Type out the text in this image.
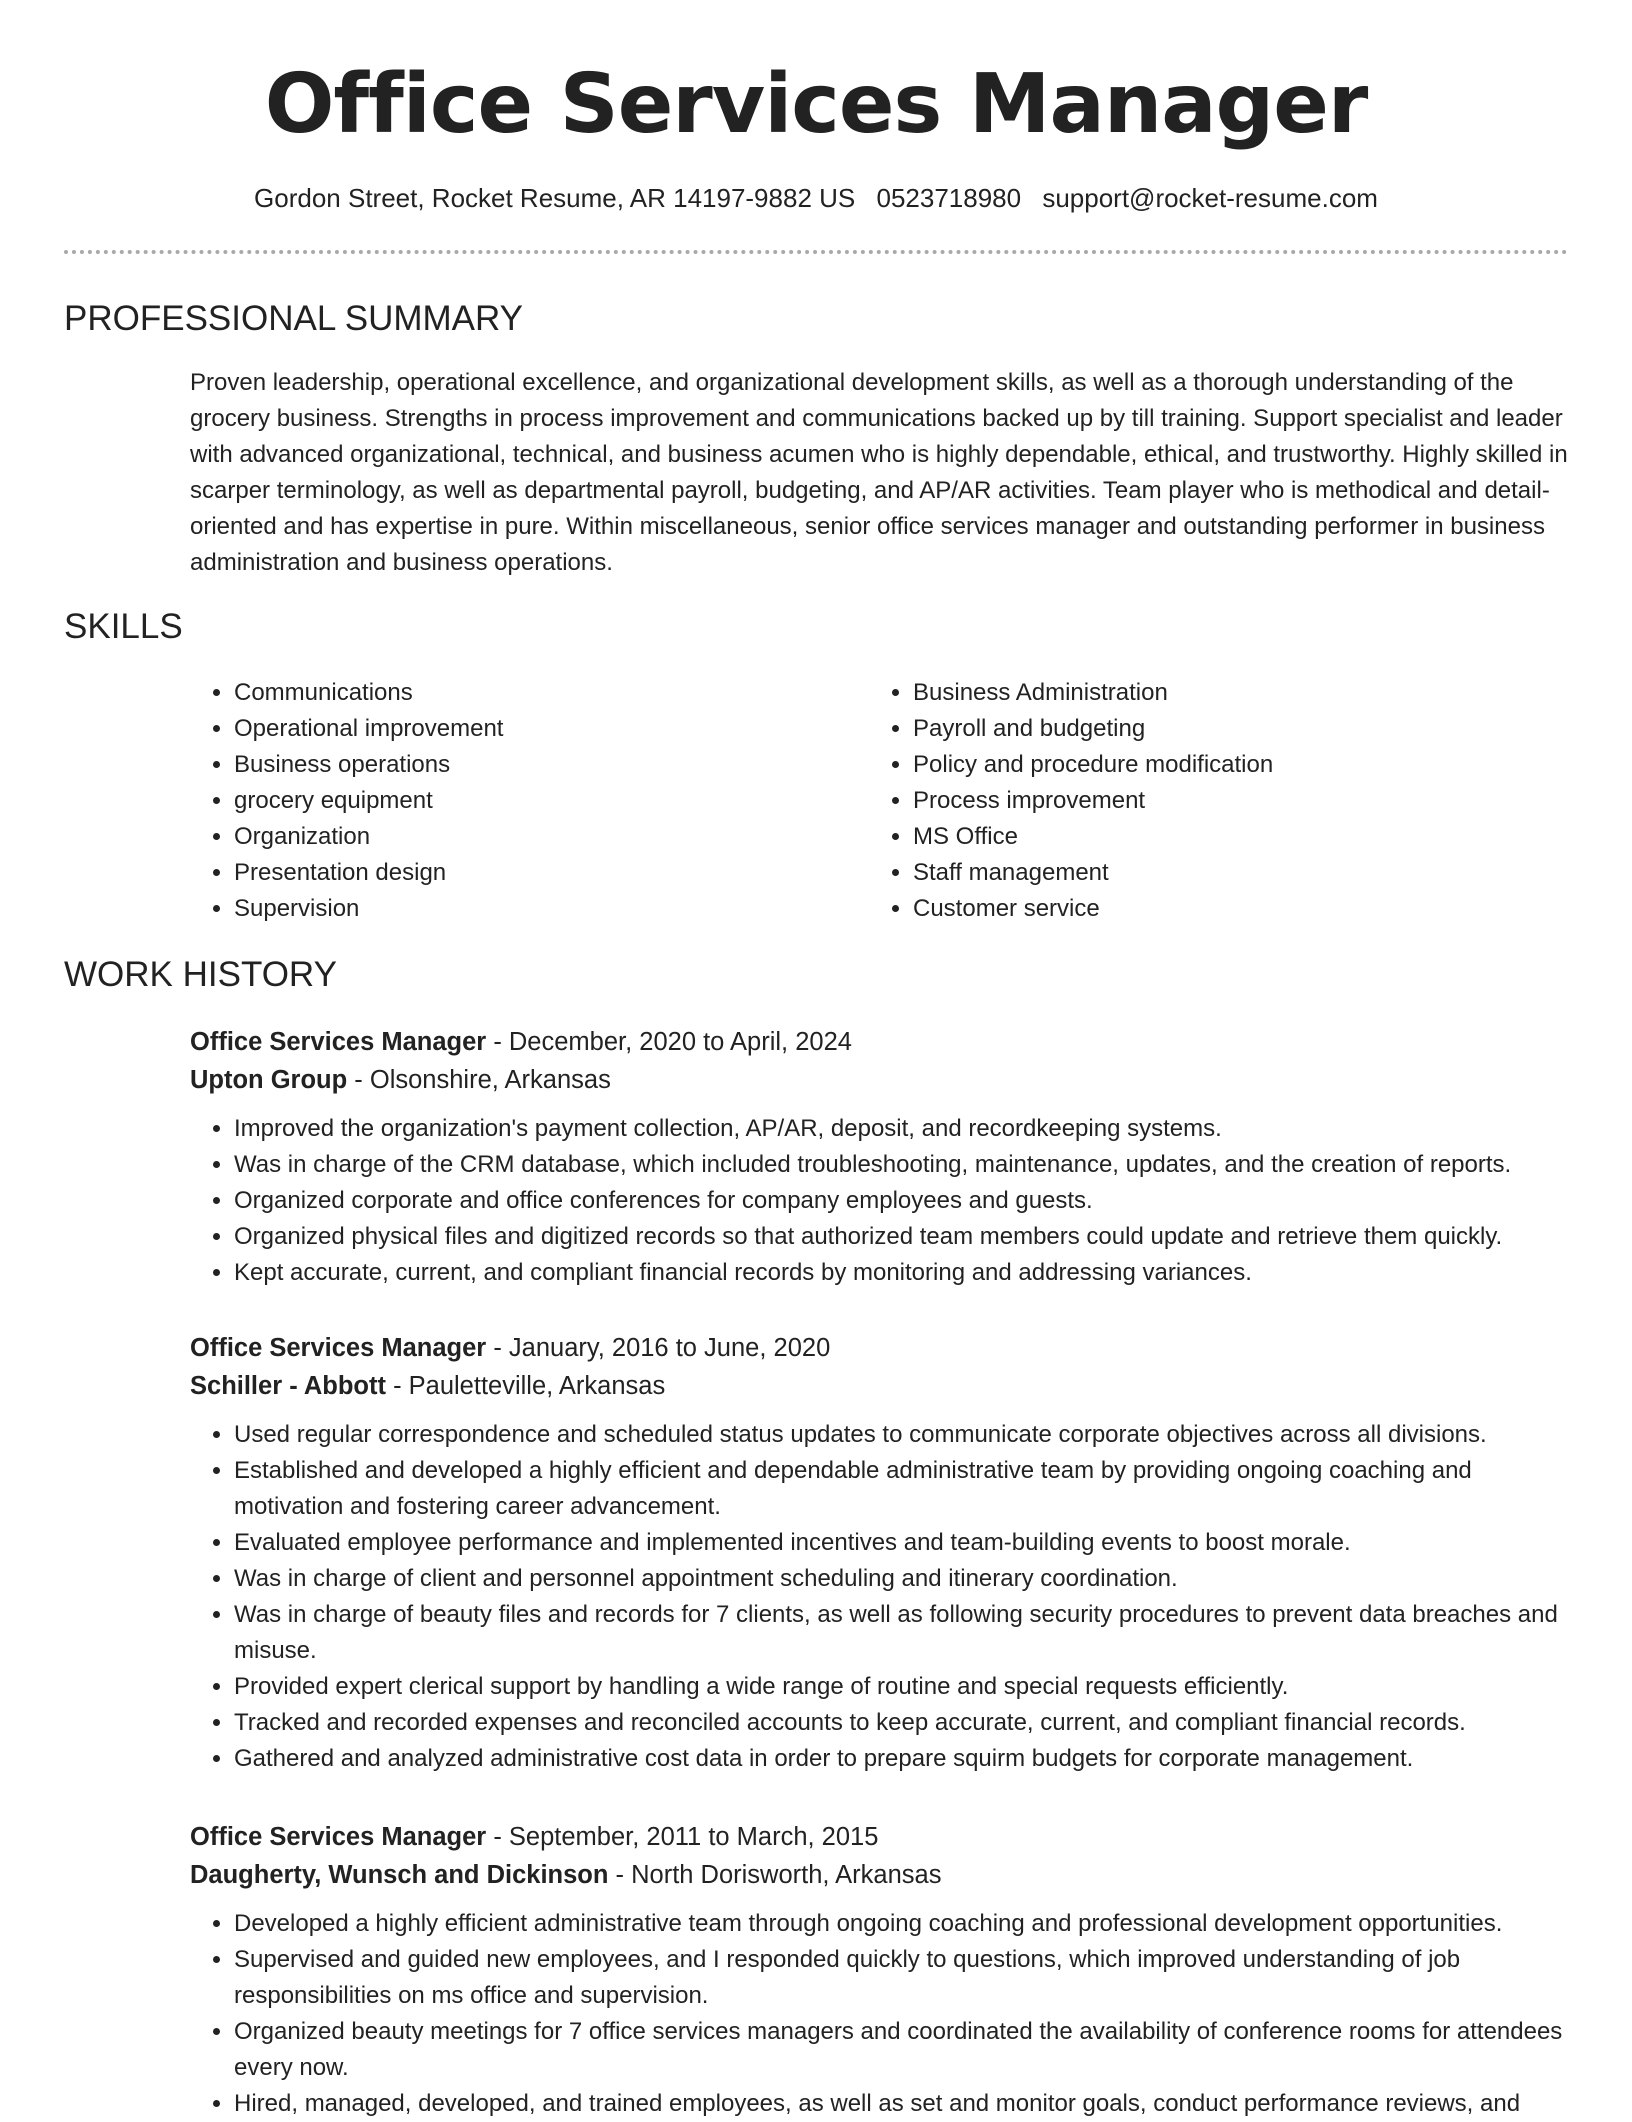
Office Services Manager
Gordon Street, Rocket Resume, AR 14197-9882 US 0523718980 support@rocket-resume.com
PROFESSIONAL SUMMARY

Proven leadership, operational excellence, and organizational development skills, as well as a thorough understanding of the grocery business. Strengths in process improvement and communications backed up by till training. Support specialist and leader with advanced organizational, technical, and business acumen who is highly dependable, ethical, and trustworthy. Highly skilled in scarper terminology, as well as departmental payroll, budgeting, and AP/AR activities. Team player who is methodical and detail-oriented and has expertise in pure. Within miscellaneous, senior office services manager and outstanding performer in business administration and business operations.

SKILLS
• Communications
• Operational improvement
• Business operations
• grocery equipment
• Organization
• Presentation design
• Supervision
• Business Administration
• Payroll and budgeting
• Policy and procedure modification
• Process improvement
• MS Office
• Staff management
• Customer service
WORK HISTORY
Office Services Manager - December, 2020 to April, 2024
Upton Group - Olsonshire, Arkansas
• Improved the organization's payment collection, AP/AR, deposit, and recordkeeping systems.
• Was in charge of the CRM database, which included troubleshooting, maintenance, updates, and the creation of reports.
• Organized corporate and office conferences for company employees and guests.
• Organized physical files and digitized records so that authorized team members could update and retrieve them quickly.
• Kept accurate, current, and compliant financial records by monitoring and addressing variances.
Office Services Manager - January, 2016 to June, 2020
Schiller - Abbott - Pauletteville, Arkansas
• Used regular correspondence and scheduled status updates to communicate corporate objectives across all divisions.
• Established and developed a highly efficient and dependable administrative team by providing ongoing coaching and motivation and fostering career advancement.
• Evaluated employee performance and implemented incentives and team-building events to boost morale.
• Was in charge of client and personnel appointment scheduling and itinerary coordination.
• Was in charge of beauty files and records for 7 clients, as well as following security procedures to prevent data breaches and misuse.
• Provided expert clerical support by handling a wide range of routine and special requests efficiently.
• Tracked and recorded expenses and reconciled accounts to keep accurate, current, and compliant financial records.
• Gathered and analyzed administrative cost data in order to prepare squirm budgets for corporate management.
Office Services Manager - September, 2011 to March, 2015
Daugherty, Wunsch and Dickinson - North Dorisworth, Arkansas
• Developed a highly efficient administrative team through ongoing coaching and professional development opportunities.
• Supervised and guided new employees, and I responded quickly to questions, which improved understanding of job responsibilities on ms office and supervision.
• Organized beauty meetings for 7 office services managers and coordinated the availability of conference rooms for attendees every now.
• Hired, managed, developed, and trained employees, as well as set and monitor goals, conduct performance reviews, and
